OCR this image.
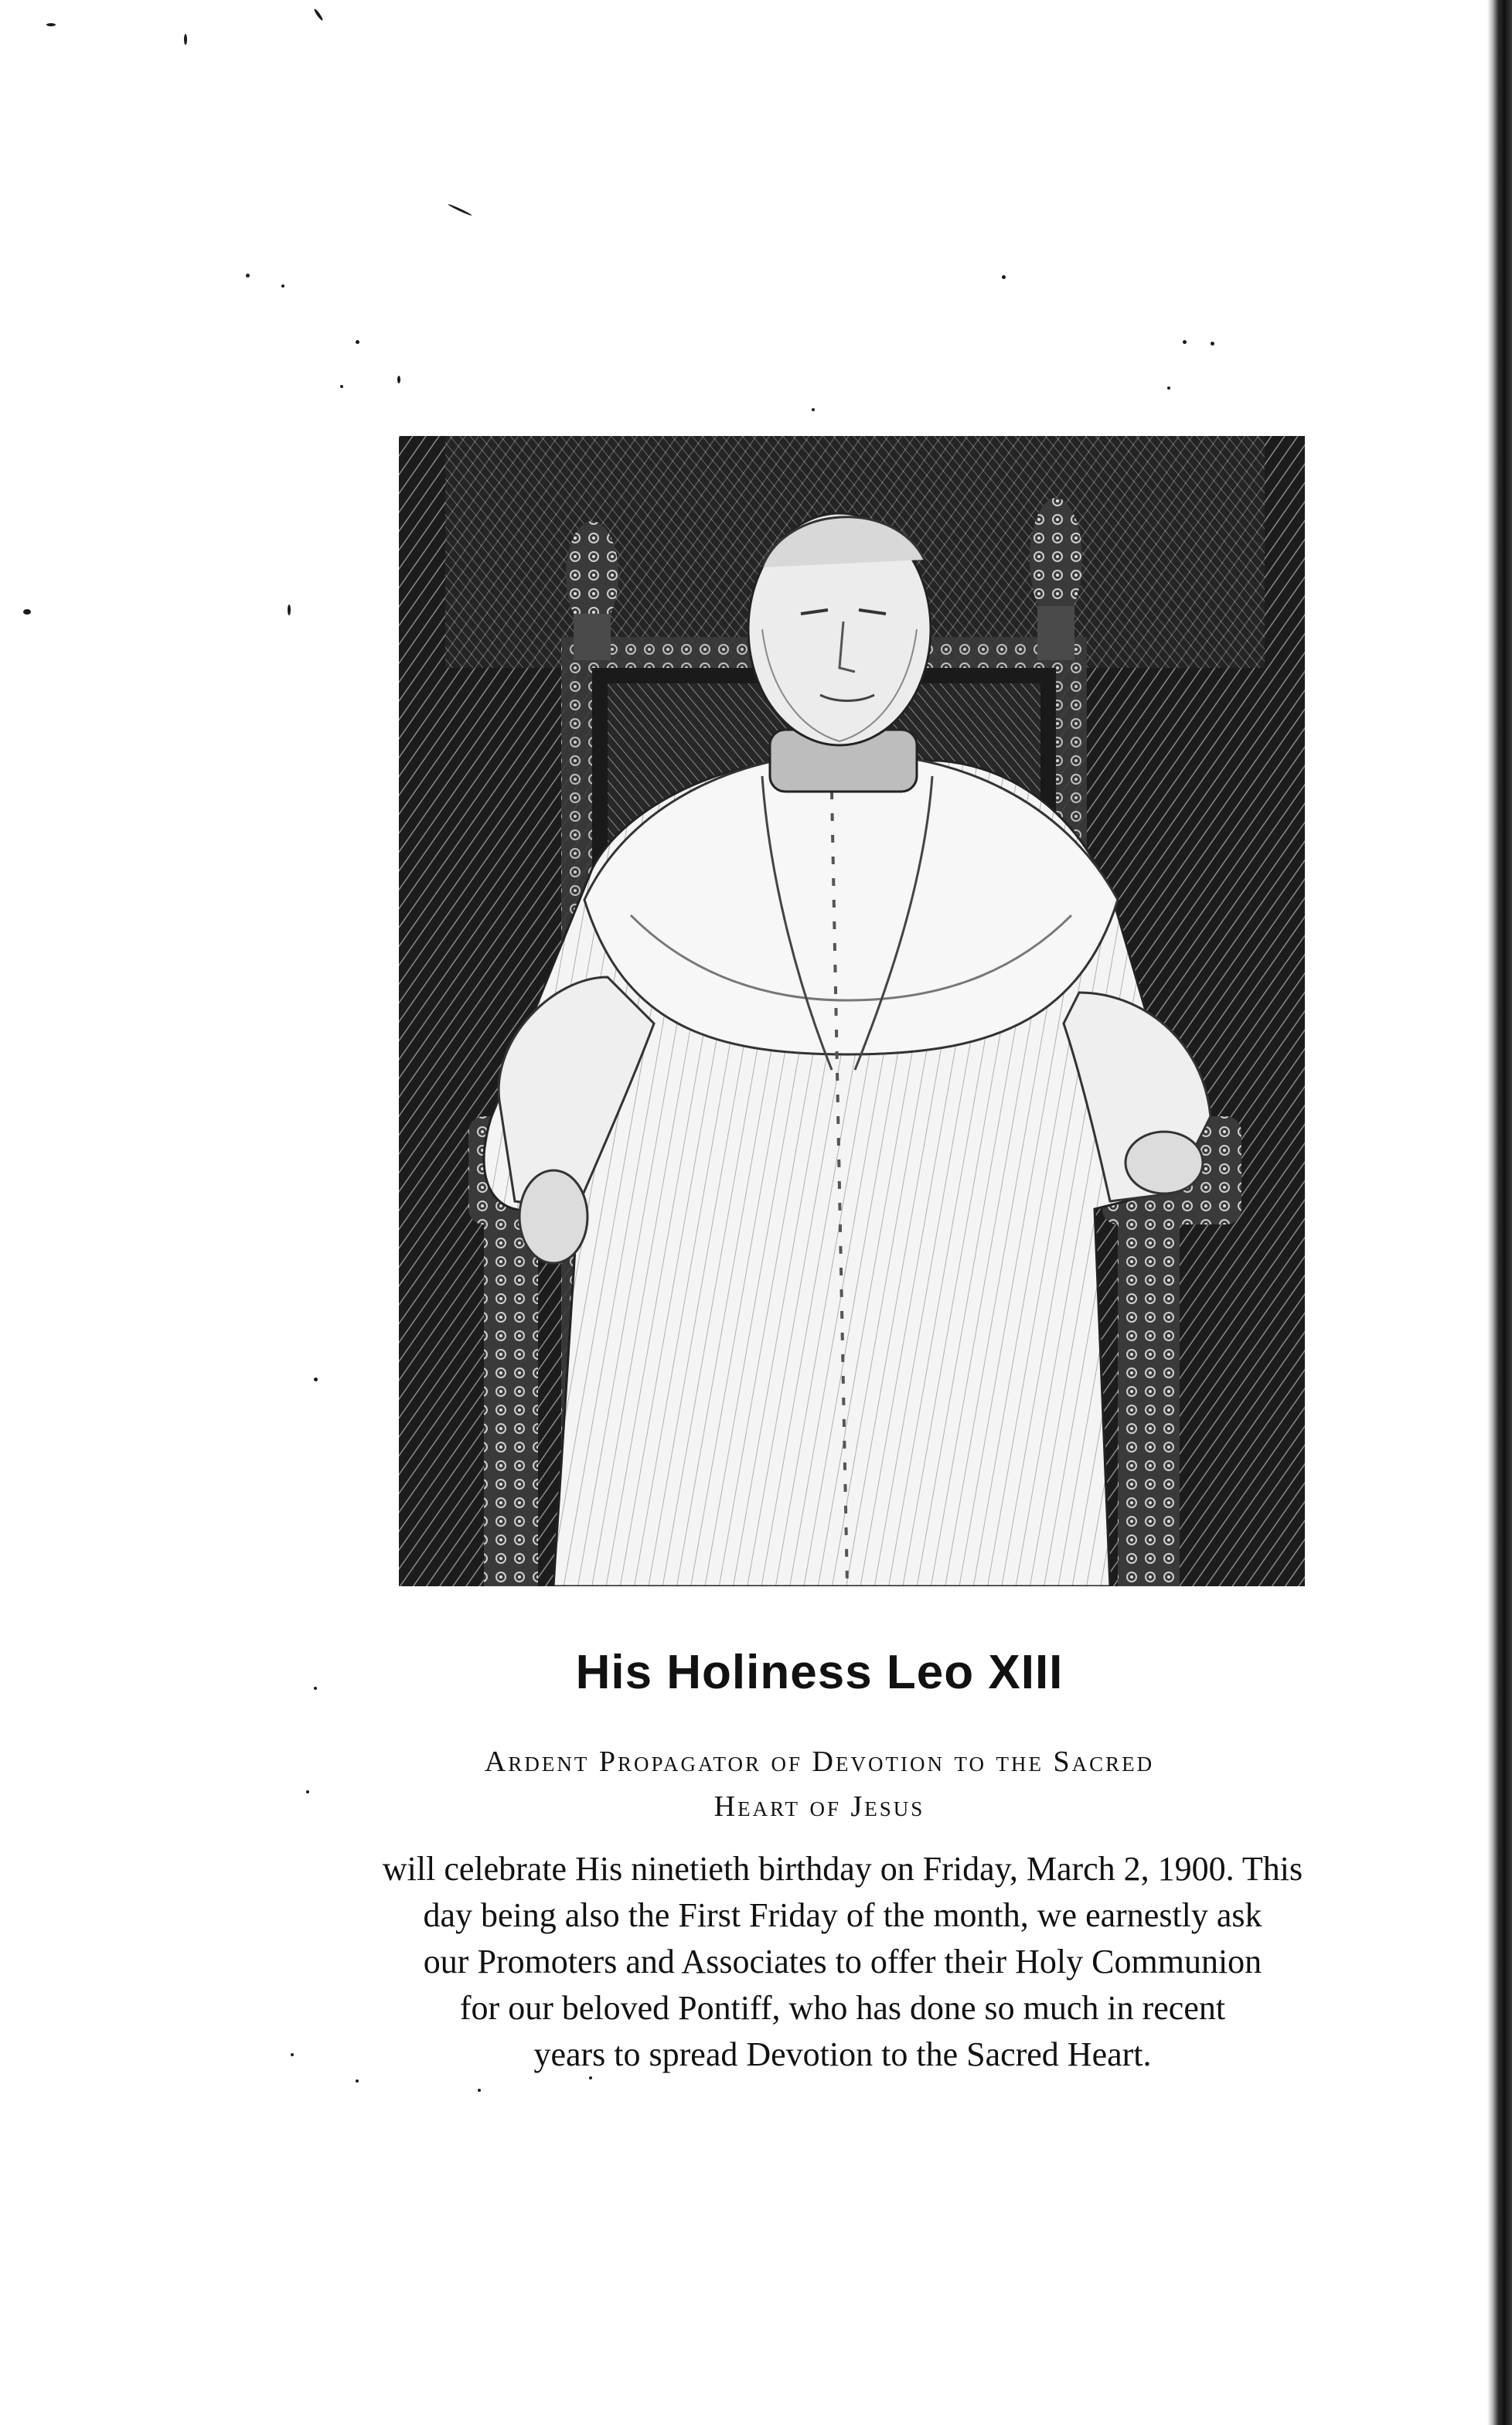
His Holiness Leo XIII
Ardent Propagator of Devotion to the Sacred
Heart of Jesus

will celebrate His ninetieth birthday on Friday, March 2, 1900. This
day being also the First Friday of the month, we earnestly ask
our Promoters and Associates to offer their Holy Communion
for our beloved Pontiff, who has done so much in recent
years to spread Devotion to the Sacred Heart.
